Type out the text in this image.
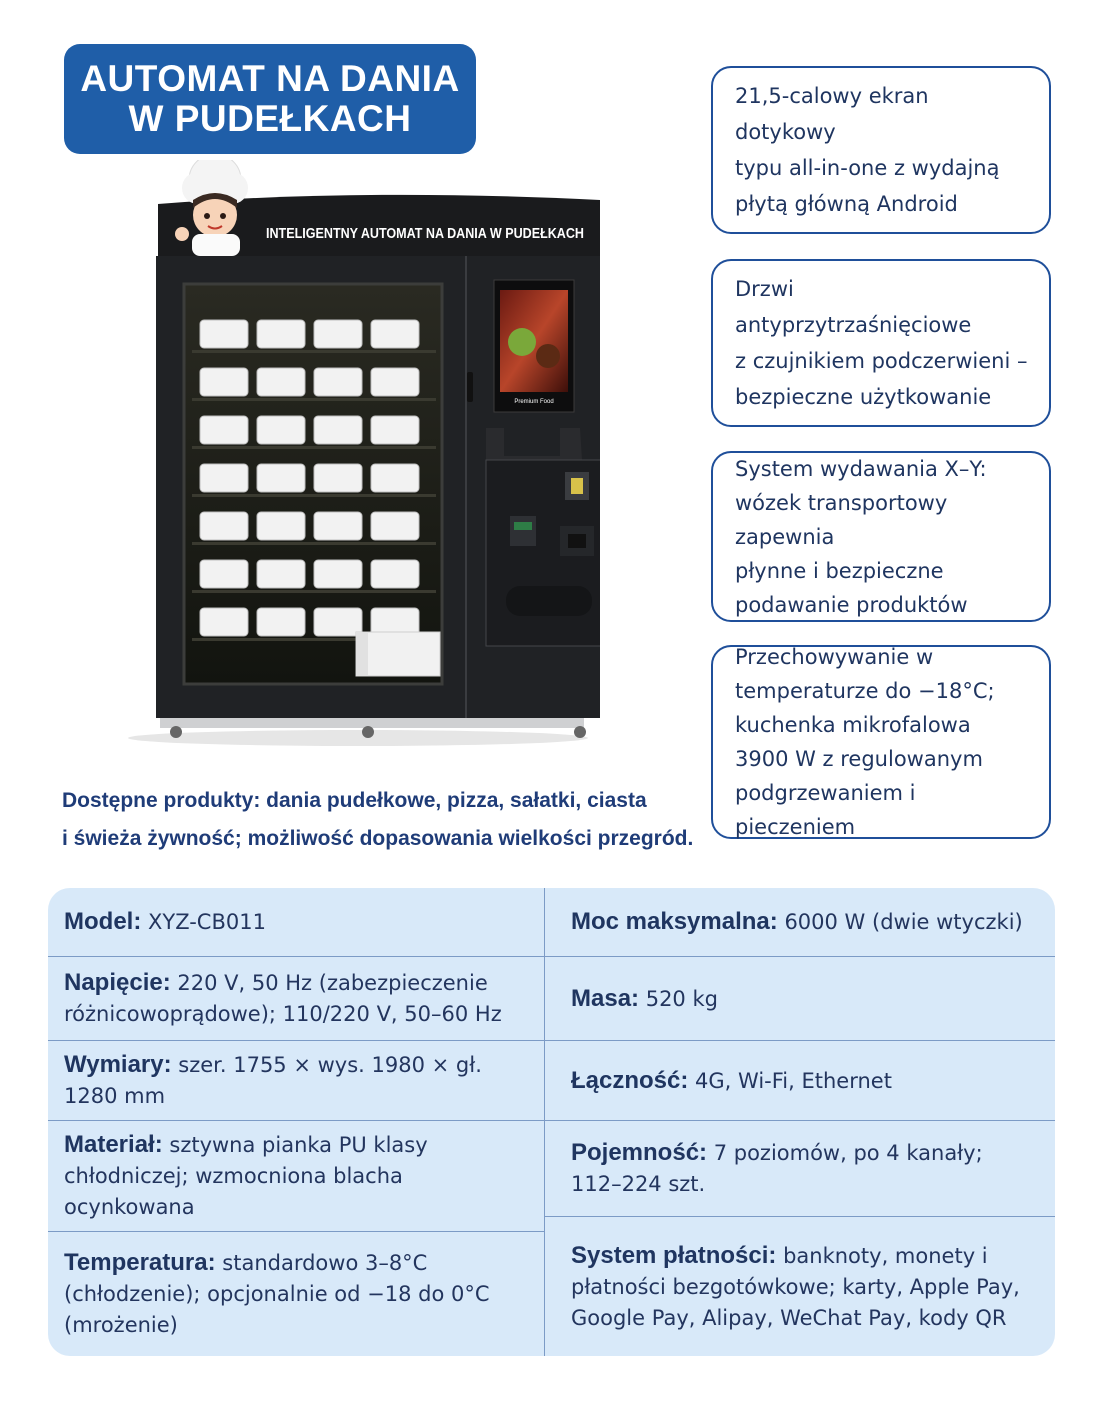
AUTOMAT NA DANIA
W PUDEŁKACH
INTELIGENTNY AUTOMAT NA DANIA W PUDEŁKACH
Premium Food
21,5-calowy ekran dotykowy
typu all-in-one z wydajną
płytą główną Android
Drzwi antyprzytrzaśnięciowe
z czujnikiem podczerwieni –
bezpieczne użytkowanie
System wydawania X–Y:
wózek transportowy zapewnia
płynne i bezpieczne
podawanie produktów
Przechowywanie w
temperaturze do −18°C;
kuchenka mikrofalowa
3900 W z regulowanym
podgrzewaniem i pieczeniem
Dostępne produkty: dania pudełkowe, pizza, sałatki, ciasta
i świeża żywność; możliwość dopasowania wielkości przegród.
Model: XYZ-CB011
Napięcie: 220 V, 50 Hz (zabezpieczenie różnicowoprądowe); 110/220 V, 50–60 Hz
Wymiary: szer. 1755 × wys. 1980 × gł. 1280 mm
Materiał: sztywna pianka PU klasy chłodniczej; wzmocniona blacha ocynkowana
Temperatura: standardowo 3–8°C (chłodzenie); opcjonalnie od −18 do 0°C (mrożenie)
Moc maksymalna: 6000 W (dwie wtyczki)
Masa: 520 kg
Łączność: 4G, Wi-Fi, Ethernet
Pojemność: 7 poziomów, po 4 kanały; 112–224 szt.
System płatności: banknoty, monety i płatności bezgotówkowe; karty, Apple Pay, Google Pay, Alipay, WeChat Pay, kody QR
